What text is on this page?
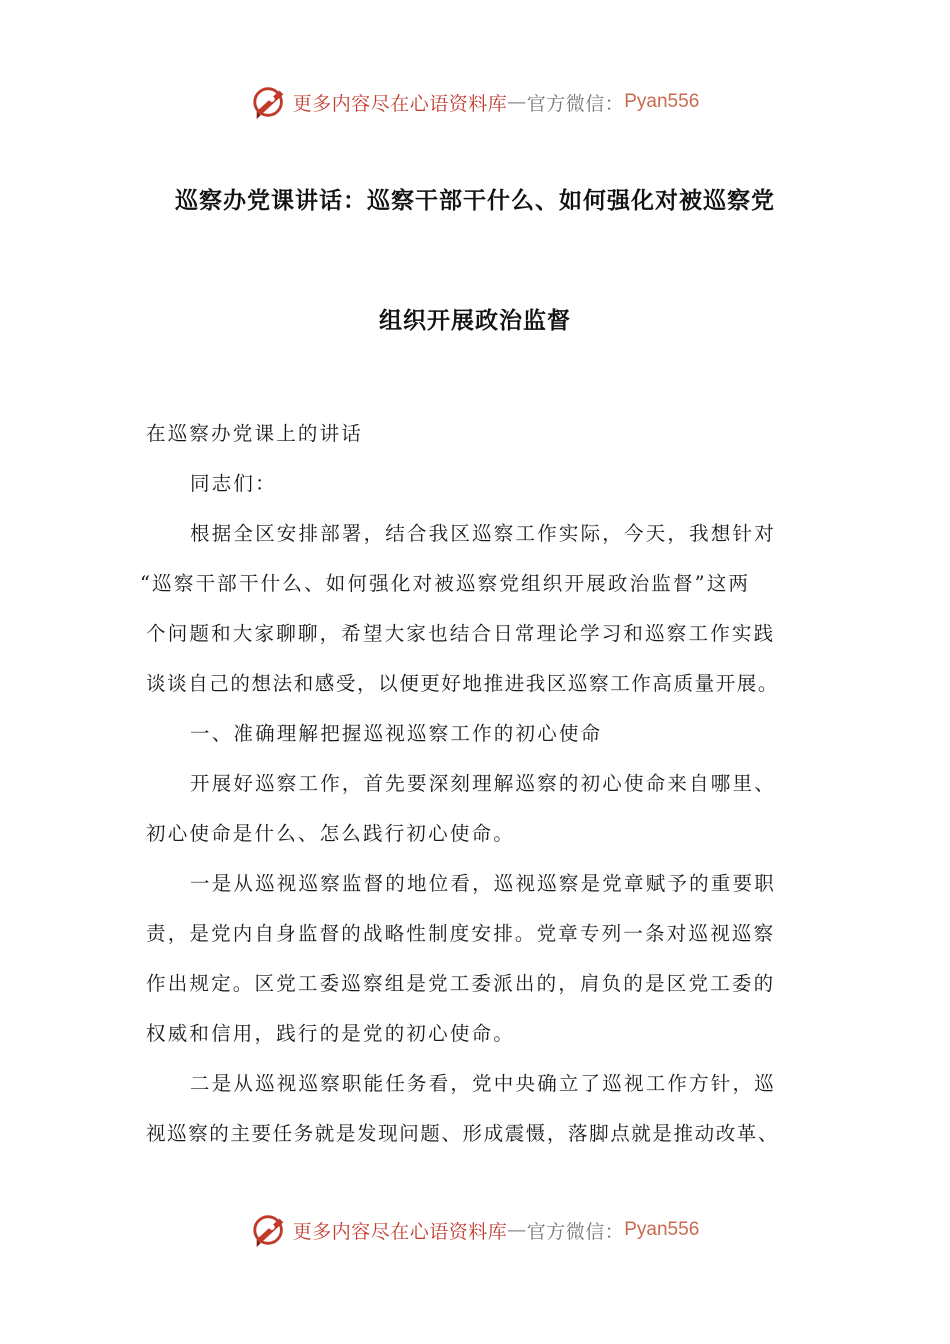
更多内容尽在心语资料库 — 官方微信： Pyan556
巡察办党课讲话：巡察干部干什么、如何强化对被巡察党
组织开展政治监督
在巡察办党课上的讲话
同志们：
根据全区安排部署，结合我区巡察工作实际，今天，我想针对
“巡察干部干什么、如何强化对被巡察党组织开展政治监督”这两
个问题和大家聊聊，希望大家也结合日常理论学习和巡察工作实践
谈谈自己的想法和感受，以便更好地推进我区巡察工作高质量开展。
一、准确理解把握巡视巡察工作的初心使命
开展好巡察工作，首先要深刻理解巡察的初心使命来自哪里、
初心使命是什么、怎么践行初心使命。
一是从巡视巡察监督的地位看，巡视巡察是党章赋予的重要职
责，是党内自身监督的战略性制度安排。党章专列一条对巡视巡察
作出规定。区党工委巡察组是党工委派出的，肩负的是区党工委的
权威和信用，践行的是党的初心使命。
二是从巡视巡察职能任务看，党中央确立了巡视工作方针，巡
视巡察的主要任务就是发现问题、形成震慑，落脚点就是推动改革、
更多内容尽在心语资料库 — 官方微信： Pyan556
